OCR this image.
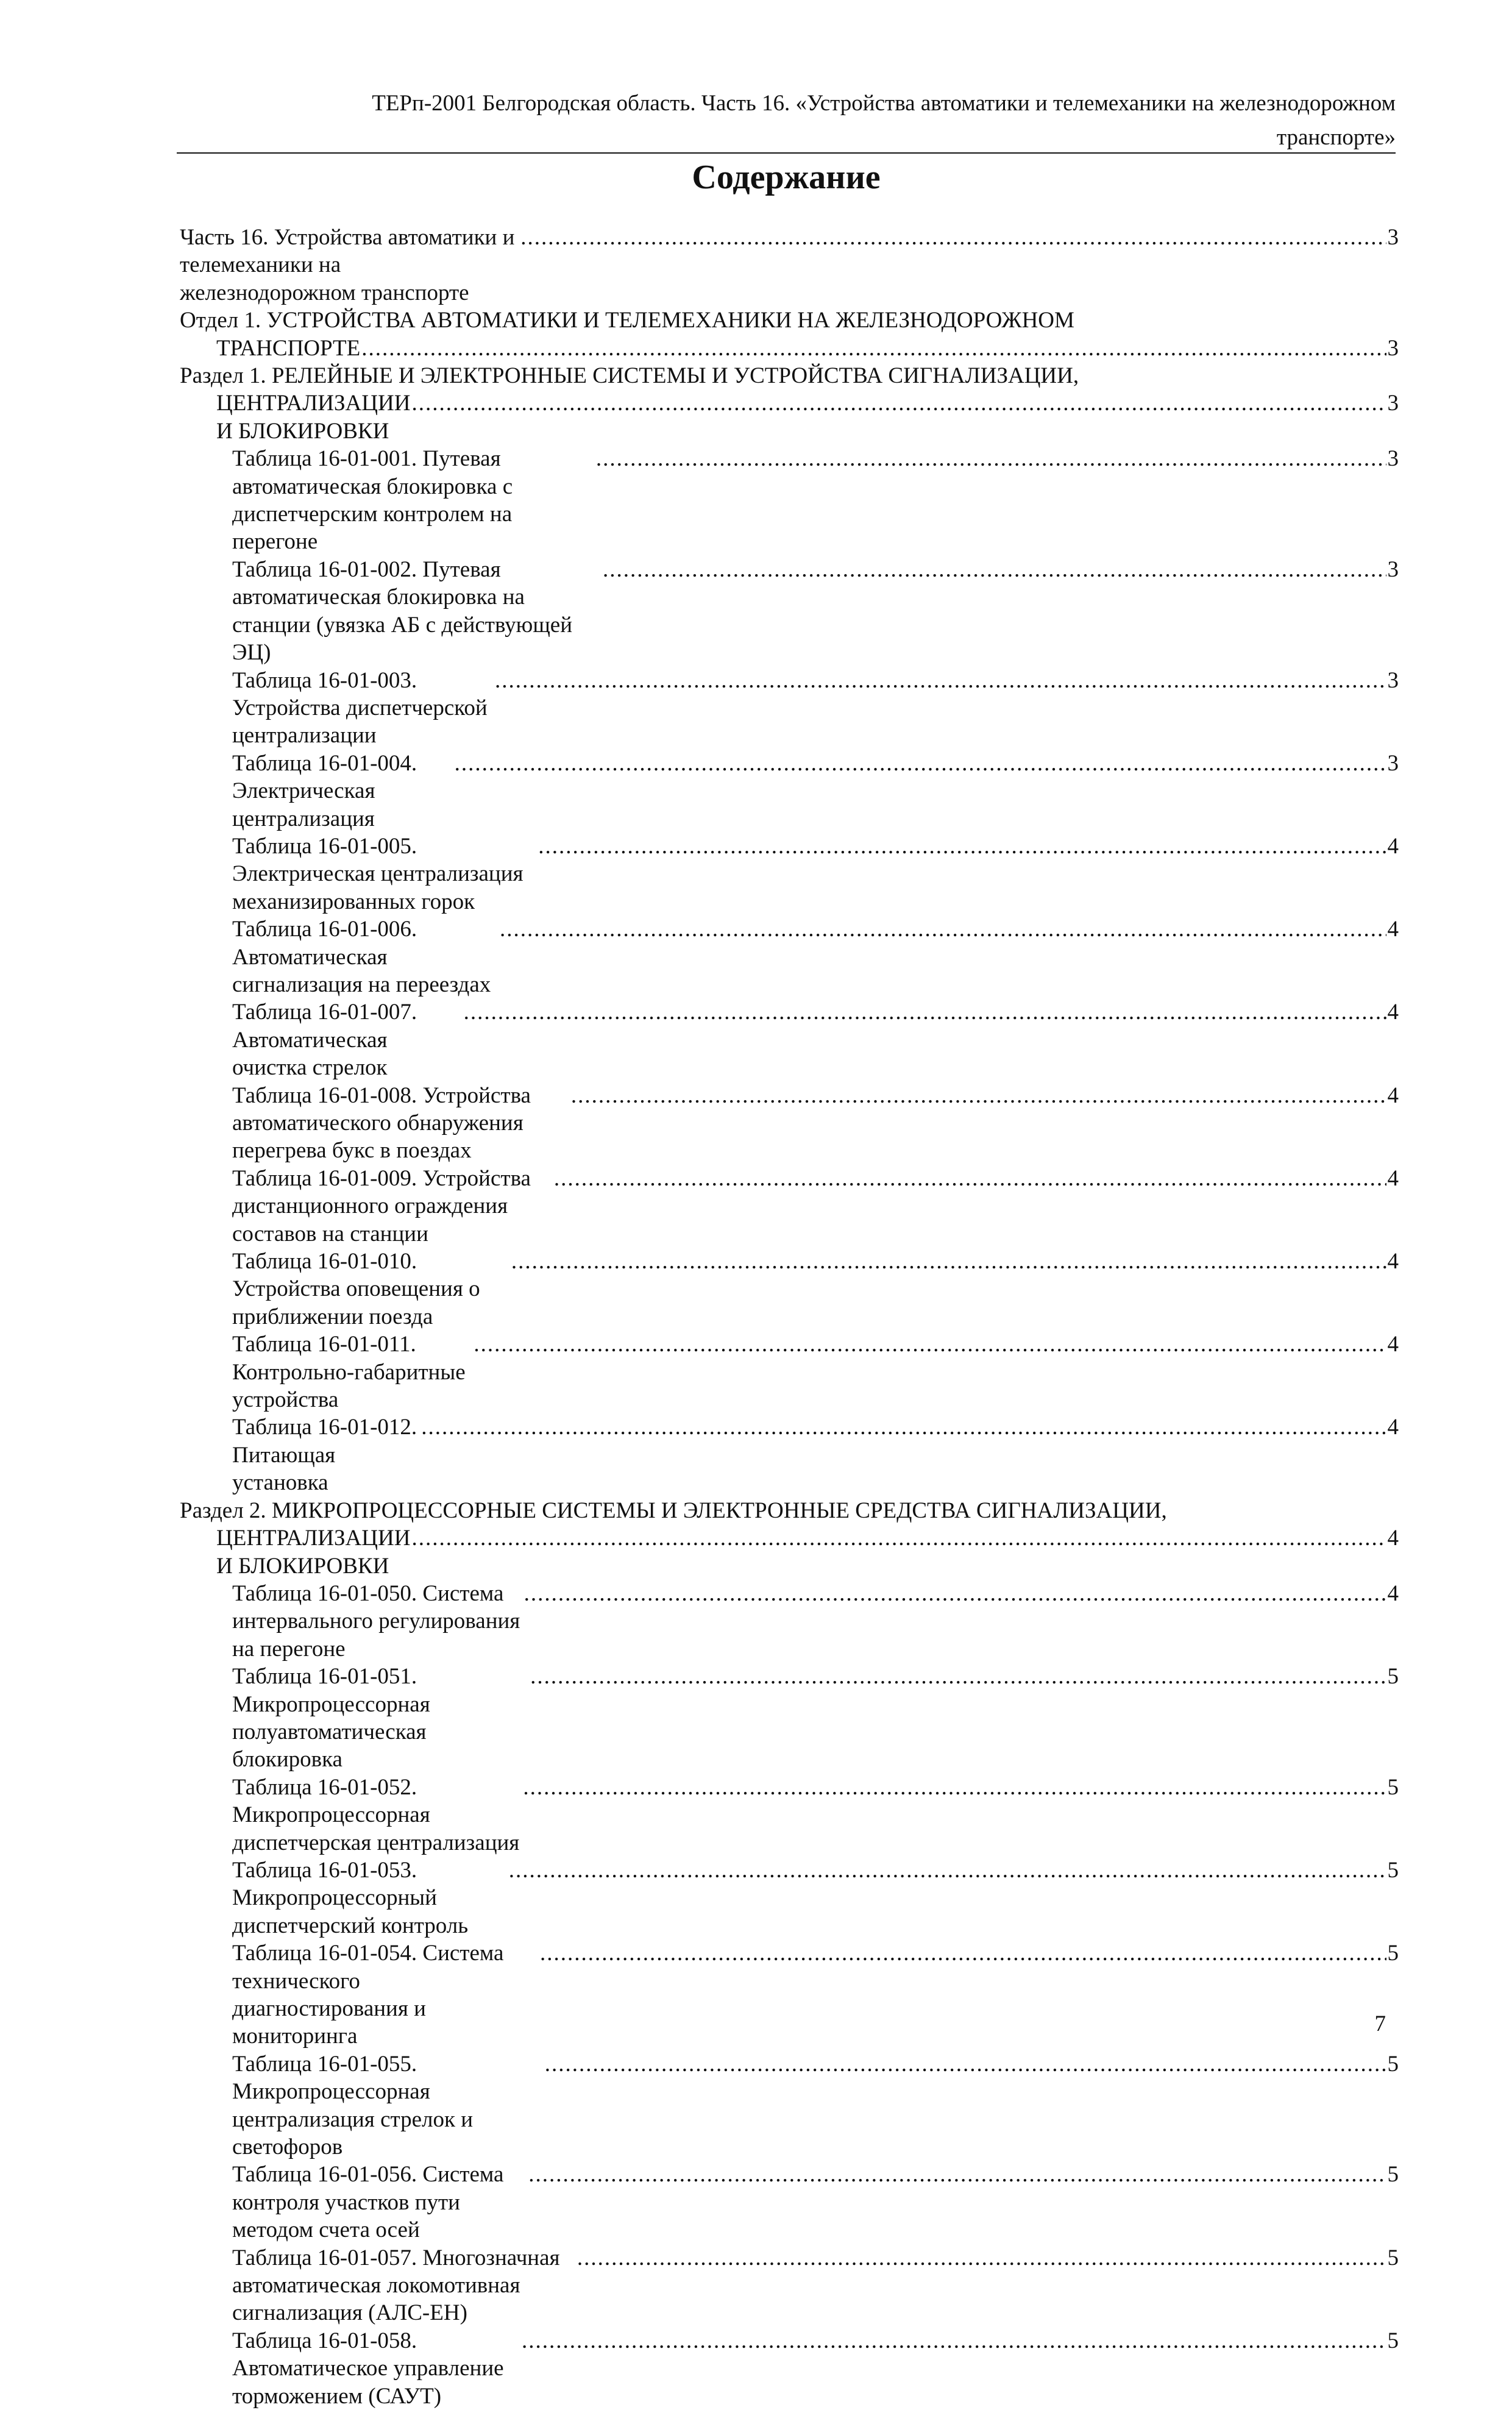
ТЕРп-2001 Белгородская область. Часть 16. «Устройства автоматики и телемеханики на железнодорожном
транспорте»
Содержание
Часть 16. Устройства автоматики и телемеханики на железнодорожном транспорте
.....
3
Отдел 1. УСТРОЙСТВА АВТОМАТИКИ И ТЕЛЕМЕХАНИКИ НА ЖЕЛЕЗНОДОРОЖНОМ
ТРАНСПОРТЕ
.....	3
Раздел 1. РЕЛЕЙНЫЕ И ЭЛЕКТРОННЫЕ СИСТЕМЫ И УСТРОЙСТВА СИГНАЛИЗАЦИИ,
ЦЕНТРАЛИЗАЦИИ И БЛОКИРОВКИ
.....
3
Таблица 16-01-001. Путевая автоматическая блокировка с диспетчерским контролем на перегоне
.....
3
Таблица 16-01-002. Путевая автоматическая блокировка на станции (увязка АБ с действующей ЭЦ)
.....
3
Таблица 16-01-003. Устройства диспетчерской централизации
.....
3
Таблица 16-01-004. Электрическая централизация
.....
3
Таблица 16-01-005. Электрическая централизация механизированных горок
.....
4
Таблица 16-01-006. Автоматическая сигнализация на переездах
.....
4
Таблица 16-01-007. Автоматическая очистка стрелок
.....
4
Таблица 16-01-008. Устройства автоматического обнаружения перегрева букс в поездах
.....
4
Таблица 16-01-009. Устройства дистанционного ограждения составов на станции
.....
4
Таблица 16-01-010. Устройства оповещения о приближении поезда
.....
4
Таблица 16-01-011. Контрольно-габаритные устройства
.....
4
Таблица 16-01-012. Питающая установка
.....
4
Раздел 2. МИКРОПРОЦЕССОРНЫЕ СИСТЕМЫ И ЭЛЕКТРОННЫЕ СРЕДСТВА СИГНАЛИЗАЦИИ,
ЦЕНТРАЛИЗАЦИИ И БЛОКИРОВКИ
.....
4
Таблица 16-01-050. Система интервального регулирования на перегоне
.....
4
Таблица 16-01-051. Микропроцессорная полуавтоматическая блокировка
.....
5
Таблица 16-01-052. Микропроцессорная диспетчерская централизация
.....
5
Таблица 16-01-053. Микропроцессорный диспетчерский контроль
.....
5
Таблица 16-01-054. Система технического диагностирования и мониторинга
.....
5
Таблица 16-01-055. Микропроцессорная централизация стрелок и светофоров
.....
5
Таблица 16-01-056. Система контроля участков пути методом счета осей
.....
5
Таблица 16-01-057. Многозначная автоматическая локомотивная сигнализация (АЛС-ЕН)
.....
5
Таблица 16-01-058. Автоматическое управление торможением (САУТ)
.....
5
7
